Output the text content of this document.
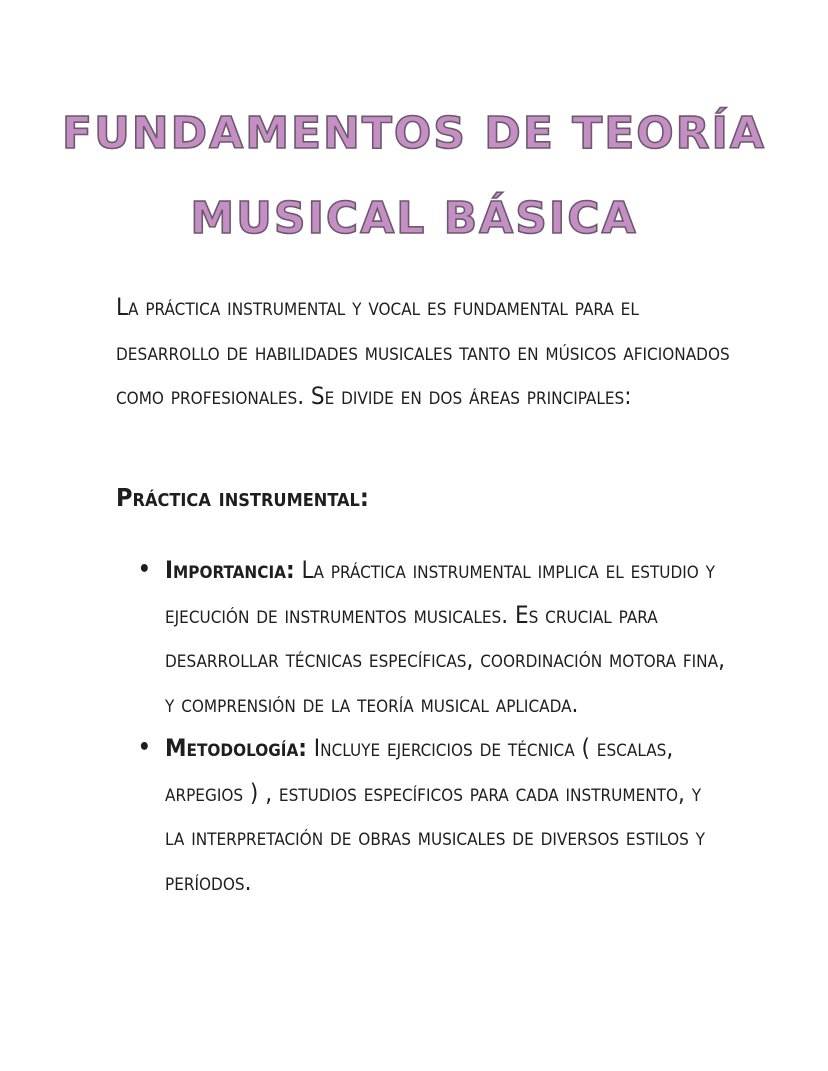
FUNDAMENTOS DE TEORÍA
MUSICAL BÁSICA

La práctica instrumental y vocal es fundamental para el desarrollo de habilidades musicales tanto en músicos aficionados como profesionales. Se divide en dos áreas principales:

Práctica instrumental:
• Importancia: La práctica instrumental implica el estudio y ejecución de instrumentos musicales. Es crucial para desarrollar técnicas específicas, coordinación motora fina, y comprensión de la teoría musical aplicada.
• Metodología: Incluye ejercicios de técnica ( escalas, arpegios ) , estudios específicos para cada instrumento, y la interpretación de obras musicales de diversos estilos y períodos.
